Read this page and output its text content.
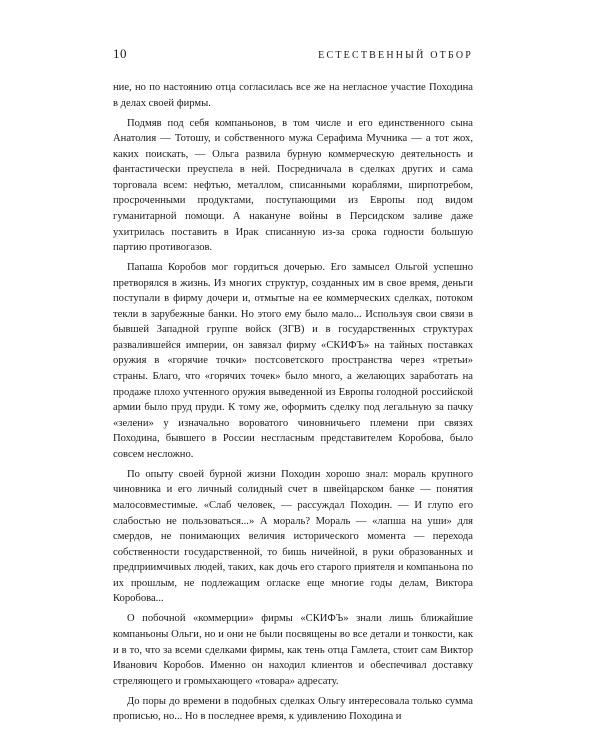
10	ЕСТЕСТВЕННЫЙ ОТБОР

ние, но по настоянию отца согласилась все же на негласное участие Походина в делах своей фирмы.

Подмяв под себя компаньонов, в том числе и его единственного сына Анатолия — Тотошу, и собственного мужа Серафима Мучника — а тот жох, каких поискать, — Ольга развила бурную коммерческую деятельность и фантастически преуспела в ней. Посредничала в сделках других и сама торговала всем: нефтью, металлом, списанными кораблями, ширпотребом, просроченными продуктами, поступающими из Европы под видом гуманитарной помощи. А накануне войны в Персидском заливе даже ухитрилась поставить в Ирак списанную из-за срока годности большую партию противогазов.

Папаша Коробов мог гордиться дочерью. Его замысел Ольгой успешно претворялся в жизнь. Из многих структур, созданных им в свое время, деньги поступали в фирму дочери и, отмытые на ее коммерческих сделках, потоком текли в зарубежные банки. Но этого ему было мало... Используя свои связи в бывшей Западной группе войск (ЗГВ) и в государственных структурах развалившейся империи, он завязал фирму «СКИФЪ» на тайных поставках оружия в «горячие точки» постсоветского пространства через «третьи» страны. Благо, что «горячих точек» было много, а желающих заработать на продаже плохо учтенного оружия выведенной из Европы голодной российской армии было пруд пруди. К тому же, оформить сделку под легальную за пачку «зелени» у изначально вороватого чиновничьего племени при связях Походина, бывшего в России несгласным представителем Коробова, было совсем несложно.

По опыту своей бурной жизни Походин хорошо знал: мораль крупного чиновника и его личный солидный счет в швейцарском банке — понятия малосовместимые. «Слаб человек, — рассуждал Походин. — И глупо его слабостью не пользоваться...» А мораль? Мораль — «лапша на уши» для смердов, не понимающих величия исторического момента — перехода собственности государственной, то бишь ничейной, в руки образованных и предприимчивых людей, таких, как дочь его старого приятеля и компаньона по их прошлым, не подлежащим огласке еще многие годы делам, Виктора Коробова...

О побочной «коммерции» фирмы «СКИФЪ» знали лишь ближайшие компаньоны Ольги, но и они не были посвящены во все детали и тонкости, как и в то, что за всеми сделками фирмы, как тень отца Гамлета, стоит сам Виктор Иванович Коробов. Именно он находил клиентов и обеспечивал доставку стреляющего и громыхающего «товара» адресату.

До поры до времени в подобных сделках Ольгу интересовала только сумма прописью, но... Но в последнее время, к удивлению Походина и
